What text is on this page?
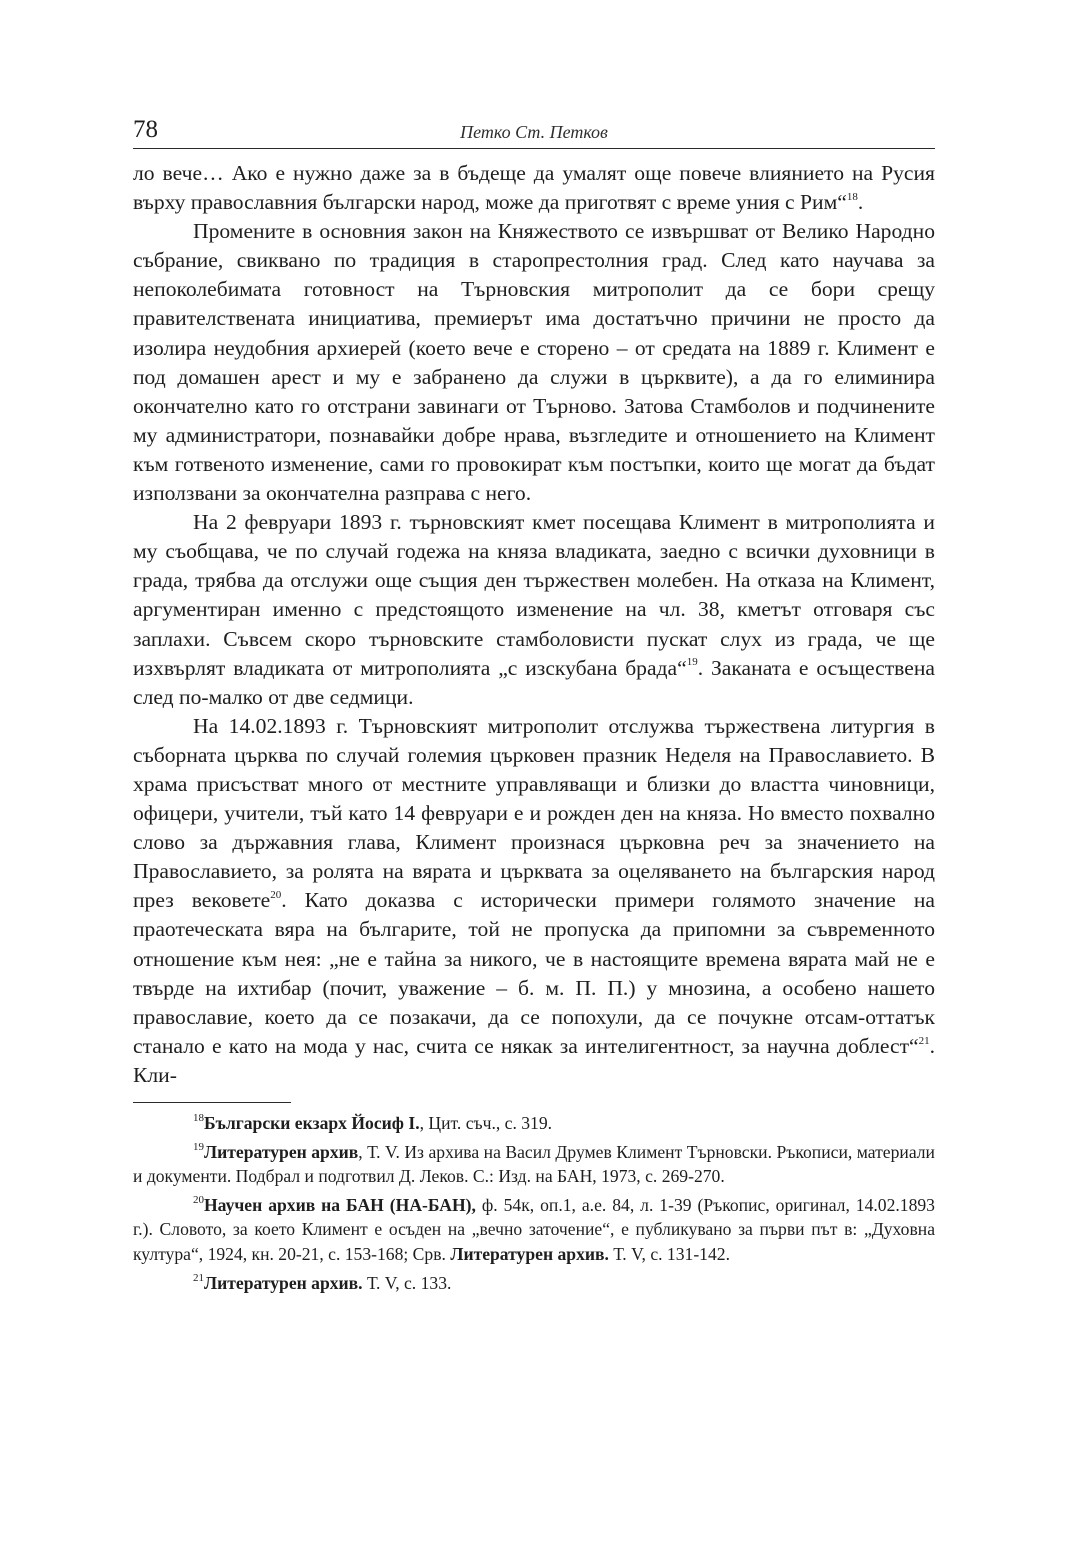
78	Петко Ст. Петков

ло вече… Ако е нужно даже за в бъдеще да умалят още повече влиянието на Русия върху православния български народ, може да приготвят с време уния с Рим“$^{18}$.

Промените в основния закон на Княжеството се извършват от Велико Народно събрание, свиквано по традиция в старопрестолния град. След като научава за непоколебимата готовност на Търновския митрополит да се бори срещу правителствената инициатива, премиерът има достатъчно причини не просто да изолира неудобния архиерей (което вече е сторено – от средата на 1889 г. Климент е под домашен арест и му е забранено да служи в църквите), а да го елиминира окончателно като го отстрани завинаги от Търново. Затова Стамболов и подчинените му администратори, познавайки добре нрава, възгледите и отношението на Климент към готвеното изменение, сами го провокират към постъпки, които ще могат да бъдат използвани за окончателна разправа с него.

На 2 февруари 1893 г. търновският кмет посещава Климент в митрополията и му съобщава, че по случай годежа на княза владиката, заедно с всички духовници в града, трябва да отслужи още същия ден тържествен молебен. На отказа на Климент, аргументиран именно с предстоящото изменение на чл. 38, кметът отговаря със заплахи. Съвсем скоро търновските стамболовисти пускат слух из града, че ще изхвърлят владиката от митрополията „с изскубана брада“$^{19}$. Заканата е осъществена след по-малко от две седмици.

На 14.02.1893 г. Търновският митрополит отслужва тържествена литургия в съборната църква по случай големия църковен празник Неделя на Православието. В храма присъстват много от местните управляващи и близки до властта чиновници, офицери, учители, тъй като 14 февруари е и рожден ден на княза. Но вместо похвално слово за държавния глава, Климент произнася църковна реч за значението на Православието, за ролята на вярата и църквата за оцеляването на българския народ през вековете$^{20}$. Като доказва с исторически примери голямото значение на праотеческата вяра на българите, той не пропуска да припомни за съвременното отношение към нея: „не е тайна за никого, че в настоящите времена вярата май не е твърде на ихтибар (почит, уважение – б. м. П. П.) у мнозина, а особено нашето православие, което да се позакачи, да се попохули, да се почукне отсам-оттатък станало е като на мода у нас, счита се някак за интелигентност, за научна доблест“$^{21}$. Кли-

$^{18}$Български екзарх Йосиф I., Цит. съч., с. 319.

$^{19}$Литературен архив, Т. V. Из архива на Васил Друмев Климент Търновски. Ръкописи, материали и документи. Подбрал и подготвил Д. Леков. С.: Изд. на БАН, 1973, с. 269-270.

$^{20}$Научен архив на БАН (НА-БАН), ф. 54к, оп.1, а.е. 84, л. 1-39 (Ръкопис, оригинал, 14.02.1893 г.). Словото, за което Климент е осъден на „вечно заточение“, е публикувано за първи път в: „Духовна култура“, 1924, кн. 20-21, с. 153-168; Срв. Литературен архив. Т. V, с. 131-142.

$^{21}$Литературен архив. Т. V, с. 133.
